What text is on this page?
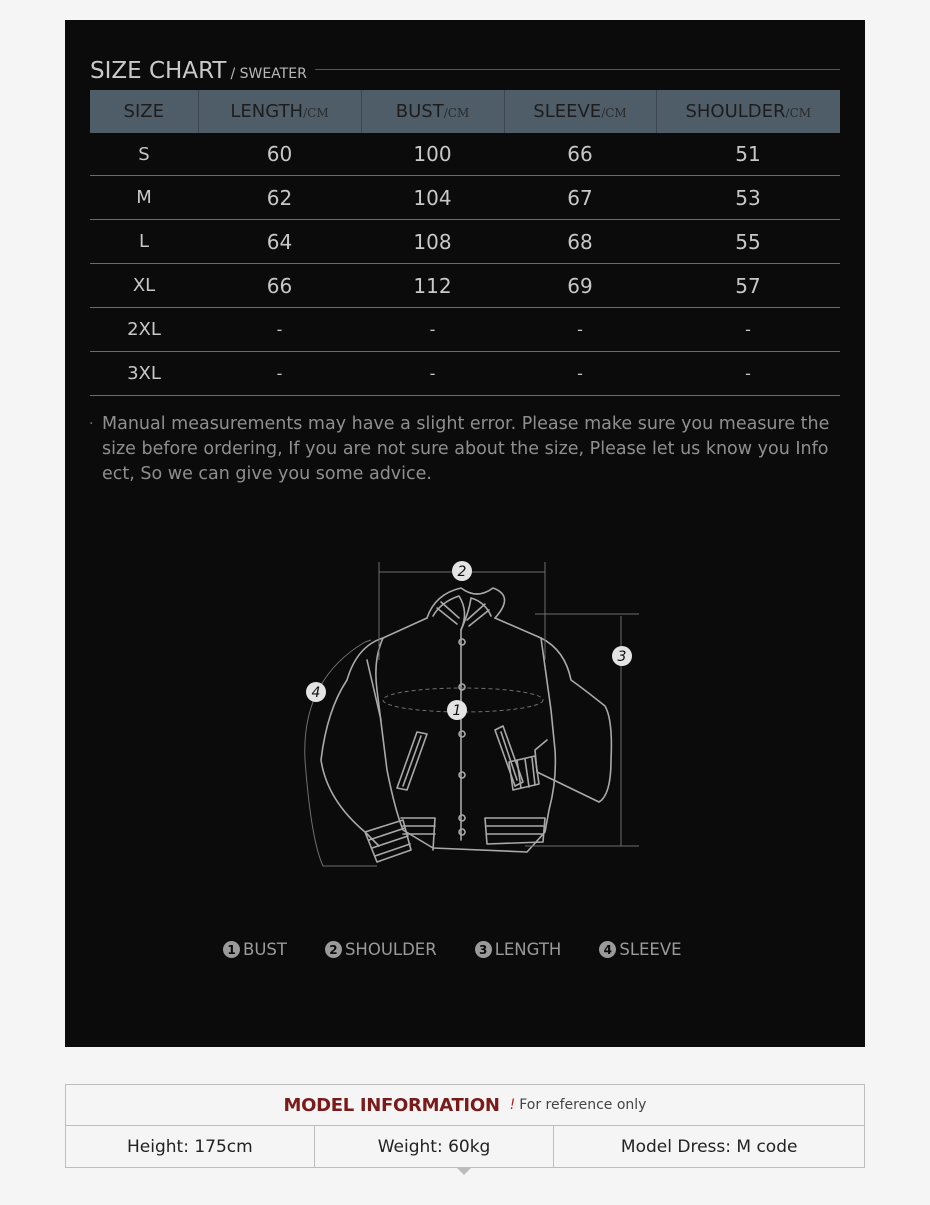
SIZE CHART / SWEATER
SIZE	LENGTH/CM	BUST/CM	SLEEVE/CM	SHOULDER/CM
S	60	100	66	51
M	62	104	67	53
L	64	108	68	55
XL	66	112	69	57
2XL	-	-	-	-
3XL	-	-	-	-
· Manual measurements may have a slight error. Please make sure you measure the size before ordering, If you are not sure about the size, Please let us know you Info ect, So we can give you some advice.
1
2
3
4
1 BUST	2 SHOULDER	3 LENGTH	4 SLEEVE
MODEL INFORMATION ! For reference only
Height: 175cm	Weight: 60kg	Model Dress: M code
